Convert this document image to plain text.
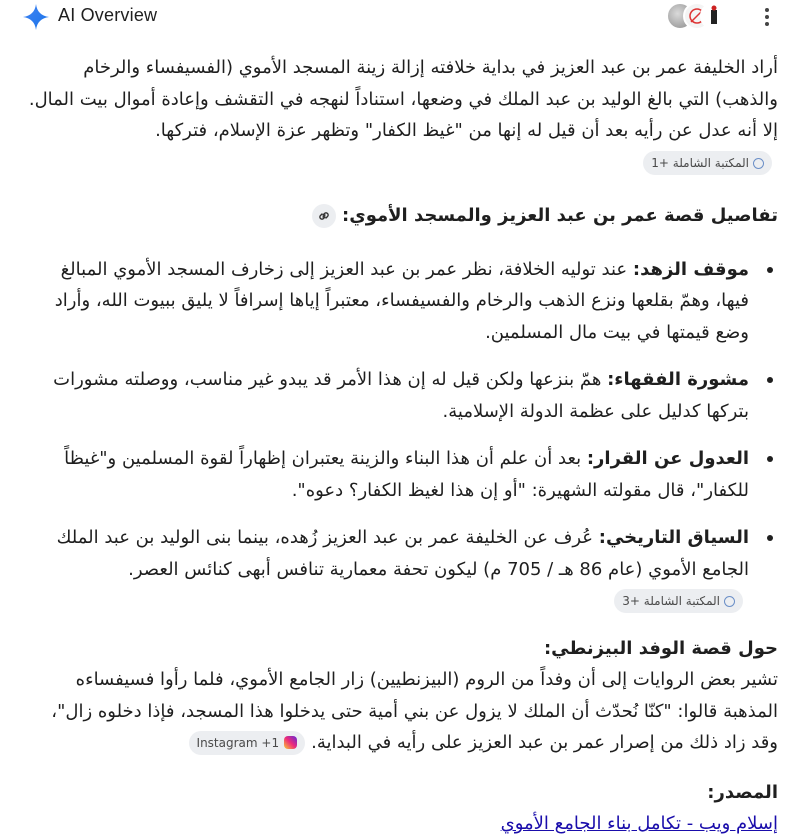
AI Overview

أراد الخليفة عمر بن عبد العزيز في بداية خلافته إزالة زينة المسجد الأموي (الفسيفساء والرخام
والذهب) التي بالغ الوليد بن عبد الملك في وضعها، استناداً لنهجه في التقشف وإعادة أموال بيت المال.
إلا أنه عدل عن رأيه بعد أن قيل له إنها من "غيظ الكفار" وتظهر عزة الإسلام، فتركها.المكتبة الشاملة +1

تفاصيل قصة عمر بن عبد العزيز والمسجد الأموي:
موقف الزهد: عند توليه الخلافة، نظر عمر بن عبد العزيز إلى زخارف المسجد الأموي المبالغ فيها، وهمّ بقلعها ونزع الذهب والرخام والفسيفساء، معتبراً إياها إسرافاً لا يليق ببيوت الله، وأراد وضع قيمتها في بيت مال المسلمين.
مشورة الفقهاء: همّ بنزعها ولكن قيل له إن هذا الأمر قد يبدو غير مناسب، ووصلته مشورات بتركها كدليل على عظمة الدولة الإسلامية.
العدول عن القرار: بعد أن علم أن هذا البناء والزينة يعتبران إظهاراً لقوة المسلمين و"غيظاً للكفار"، قال مقولته الشهيرة: "أو إن هذا لغيظ الكفار؟ دعوه".
السياق التاريخي: عُرف عن الخليفة عمر بن عبد العزيز زُهده، بينما بنى الوليد بن عبد الملك الجامع الأموي (عام 86 هـ / 705 م) ليكون تحفة معمارية تنافس أبهى كنائس العصر.المكتبة الشاملة +3
حول قصة الوفد البيزنطي:

تشير بعض الروايات إلى أن وفداً من الروم (البيزنطيين) زار الجامع الأموي، فلما رأوا فسيفساءه المذهبة قالوا: "كنّا نُحدّث أن الملك لا يزول عن بني أمية حتى يدخلوا هذا المسجد، فإذا دخلوه زال"، وقد زاد ذلك من إصرار عمر بن عبد العزيز على رأيه في البداية.Instagram +1

المصدر:

إسلام ويب - تكامل بناء الجامع الأموي
